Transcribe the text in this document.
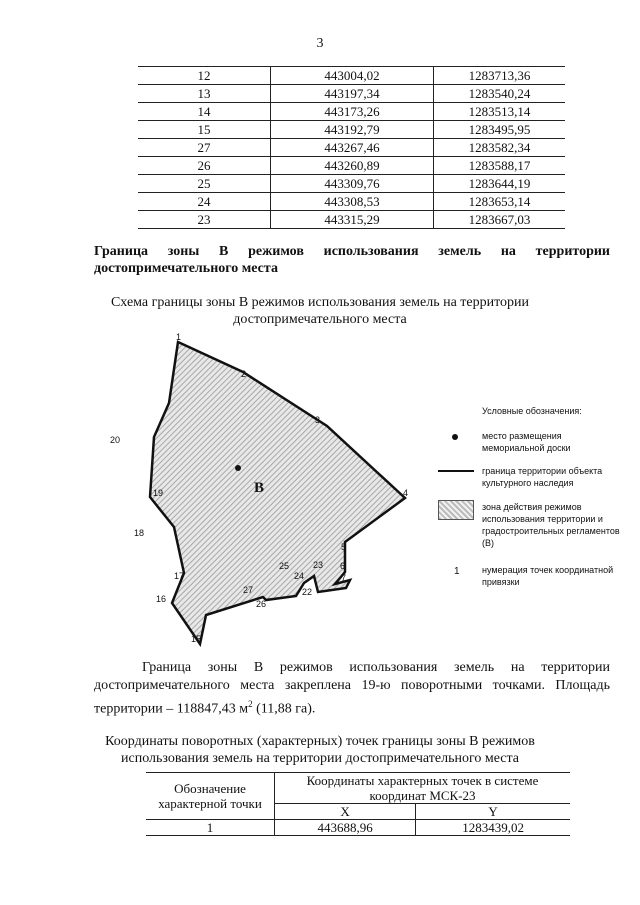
3
12	443004,02	1283713,36
13	443197,34	1283540,24
14	443173,26	1283513,14
15	443192,79	1283495,95
27	443267,46	1283582,34
26	443260,89	1283588,17
25	443309,76	1283644,19
24	443308,53	1283653,14
23	443315,29	1283667,03
Граница зоны В режимов использования земель на территории
достопримечательного места
Схема границы зоны В режимов использования земель на территории
достопримечательного места
В
1
2
3
4
5
6
7
22
23
24
25
26
27
15
16
17
18
19
20
Условные обозначения:
место размещения мемориальной доски
граница территории объекта культурного наследия
зона действия режимов использования территории и градостроительных регламентов (В)
1 нумерация точек координатной привязки
Граница зоны В режимов использования земель на территории
достопримечательного места закреплена 19-ю поворотными точками. Площадь территории – 118847,43 $м^2$ (11,88 га).
Координаты поворотных (характерных) точек границы зоны В режимов
использования земель на территории достопримечательного места
Обозначение характерной точки	Координаты характерных точек в системе координат МСК-23	
	X	Y
1	443688,96	1283439,02
